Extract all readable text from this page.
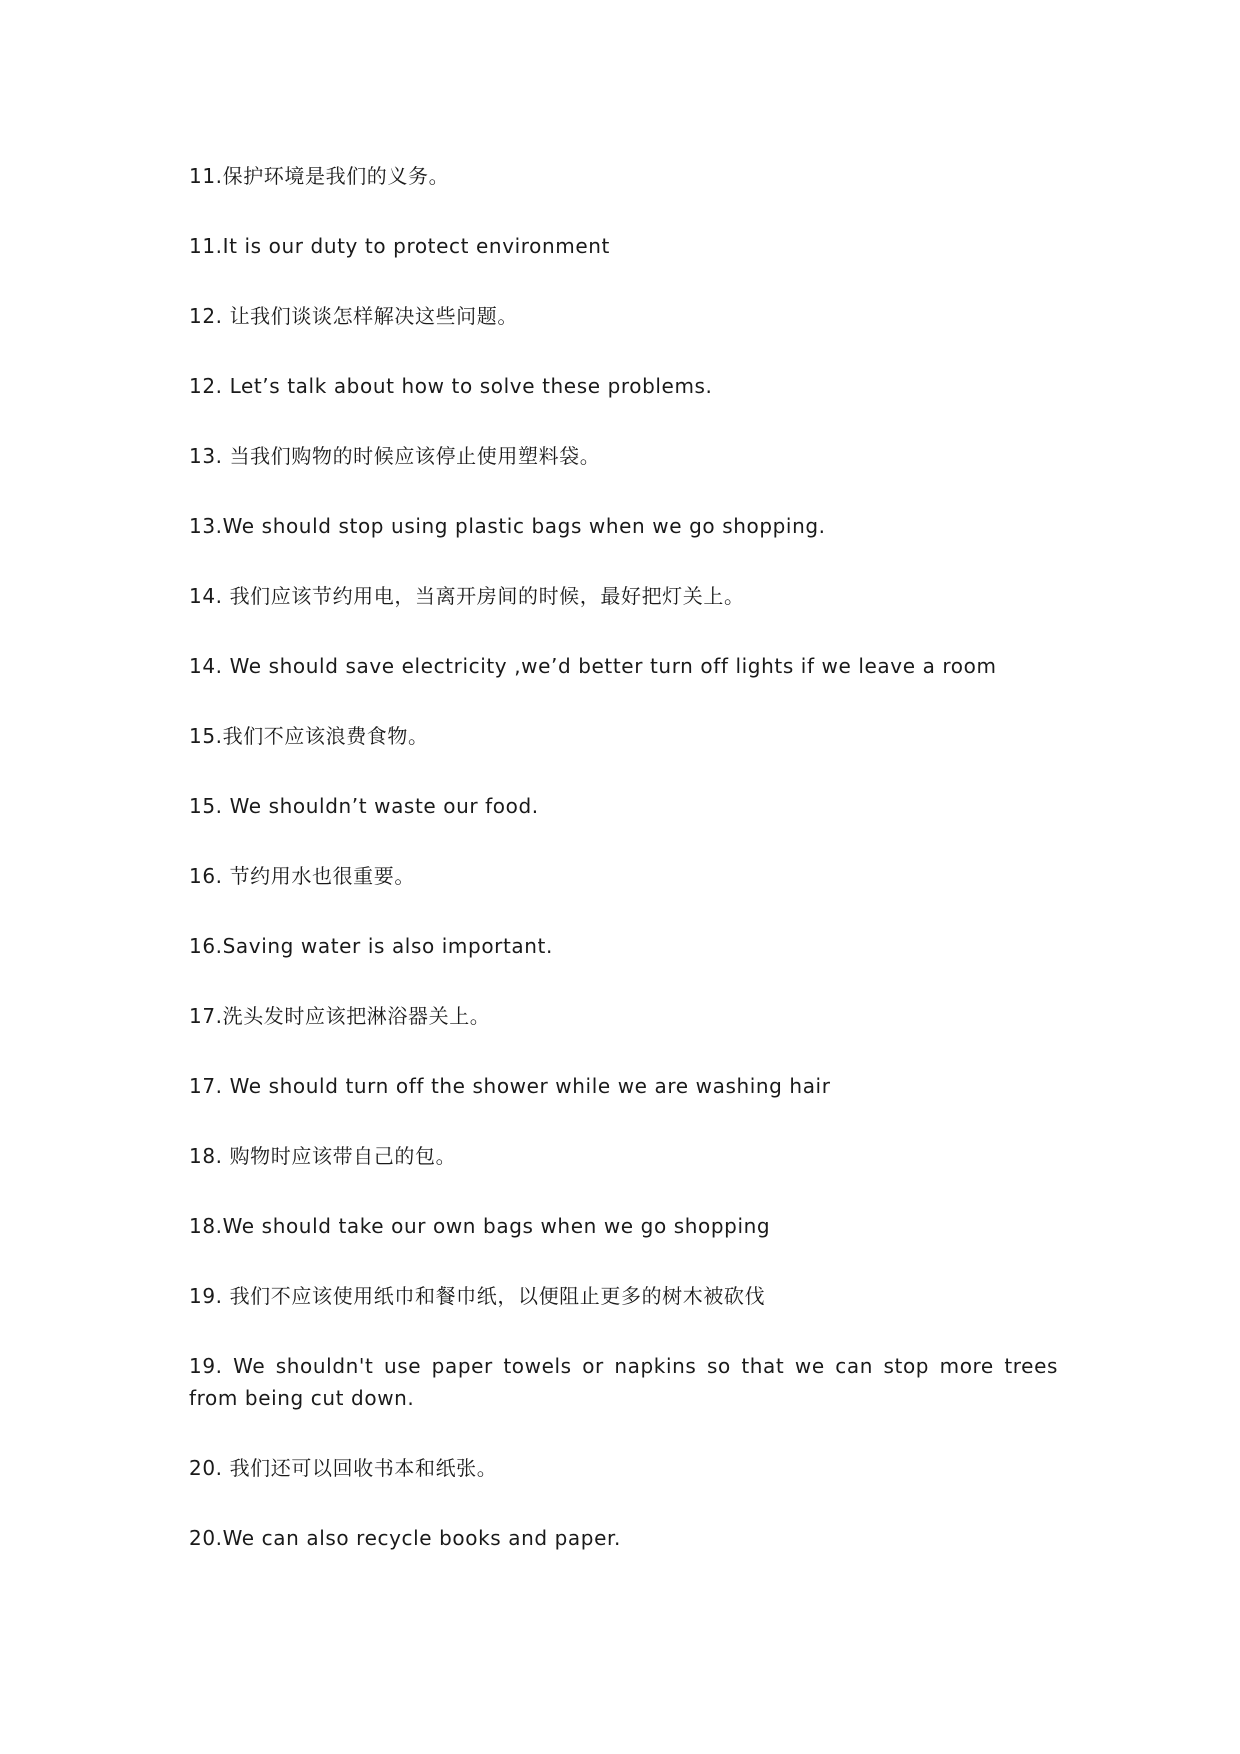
11.保护环境是我们的义务。

11.It is our duty to protect environment

12. 让我们谈谈怎样解决这些问题。

12. Let’s talk about how to solve these problems.

13. 当我们购物的时候应该停止使用塑料袋。

13.We should stop using plastic bags when we go shopping.

14. 我们应该节约用电，当离开房间的时候，最好把灯关上。

14. We should save electricity ,we’d better turn off lights if we leave a room

15.我们不应该浪费食物。

15. We shouldn’t waste our food.

16. 节约用水也很重要。

16.Saving water is also important.

17.洗头发时应该把淋浴器关上。

17. We should turn off the shower while we are washing hair

18. 购物时应该带自己的包。

18.We should take our own bags when we go shopping

19. 我们不应该使用纸巾和餐巾纸，以便阻止更多的树木被砍伐

19. We shouldn't use paper towels or napkins so that we can stop more trees from being cut down.

20. 我们还可以回收书本和纸张。

20.We can also recycle books and paper.
